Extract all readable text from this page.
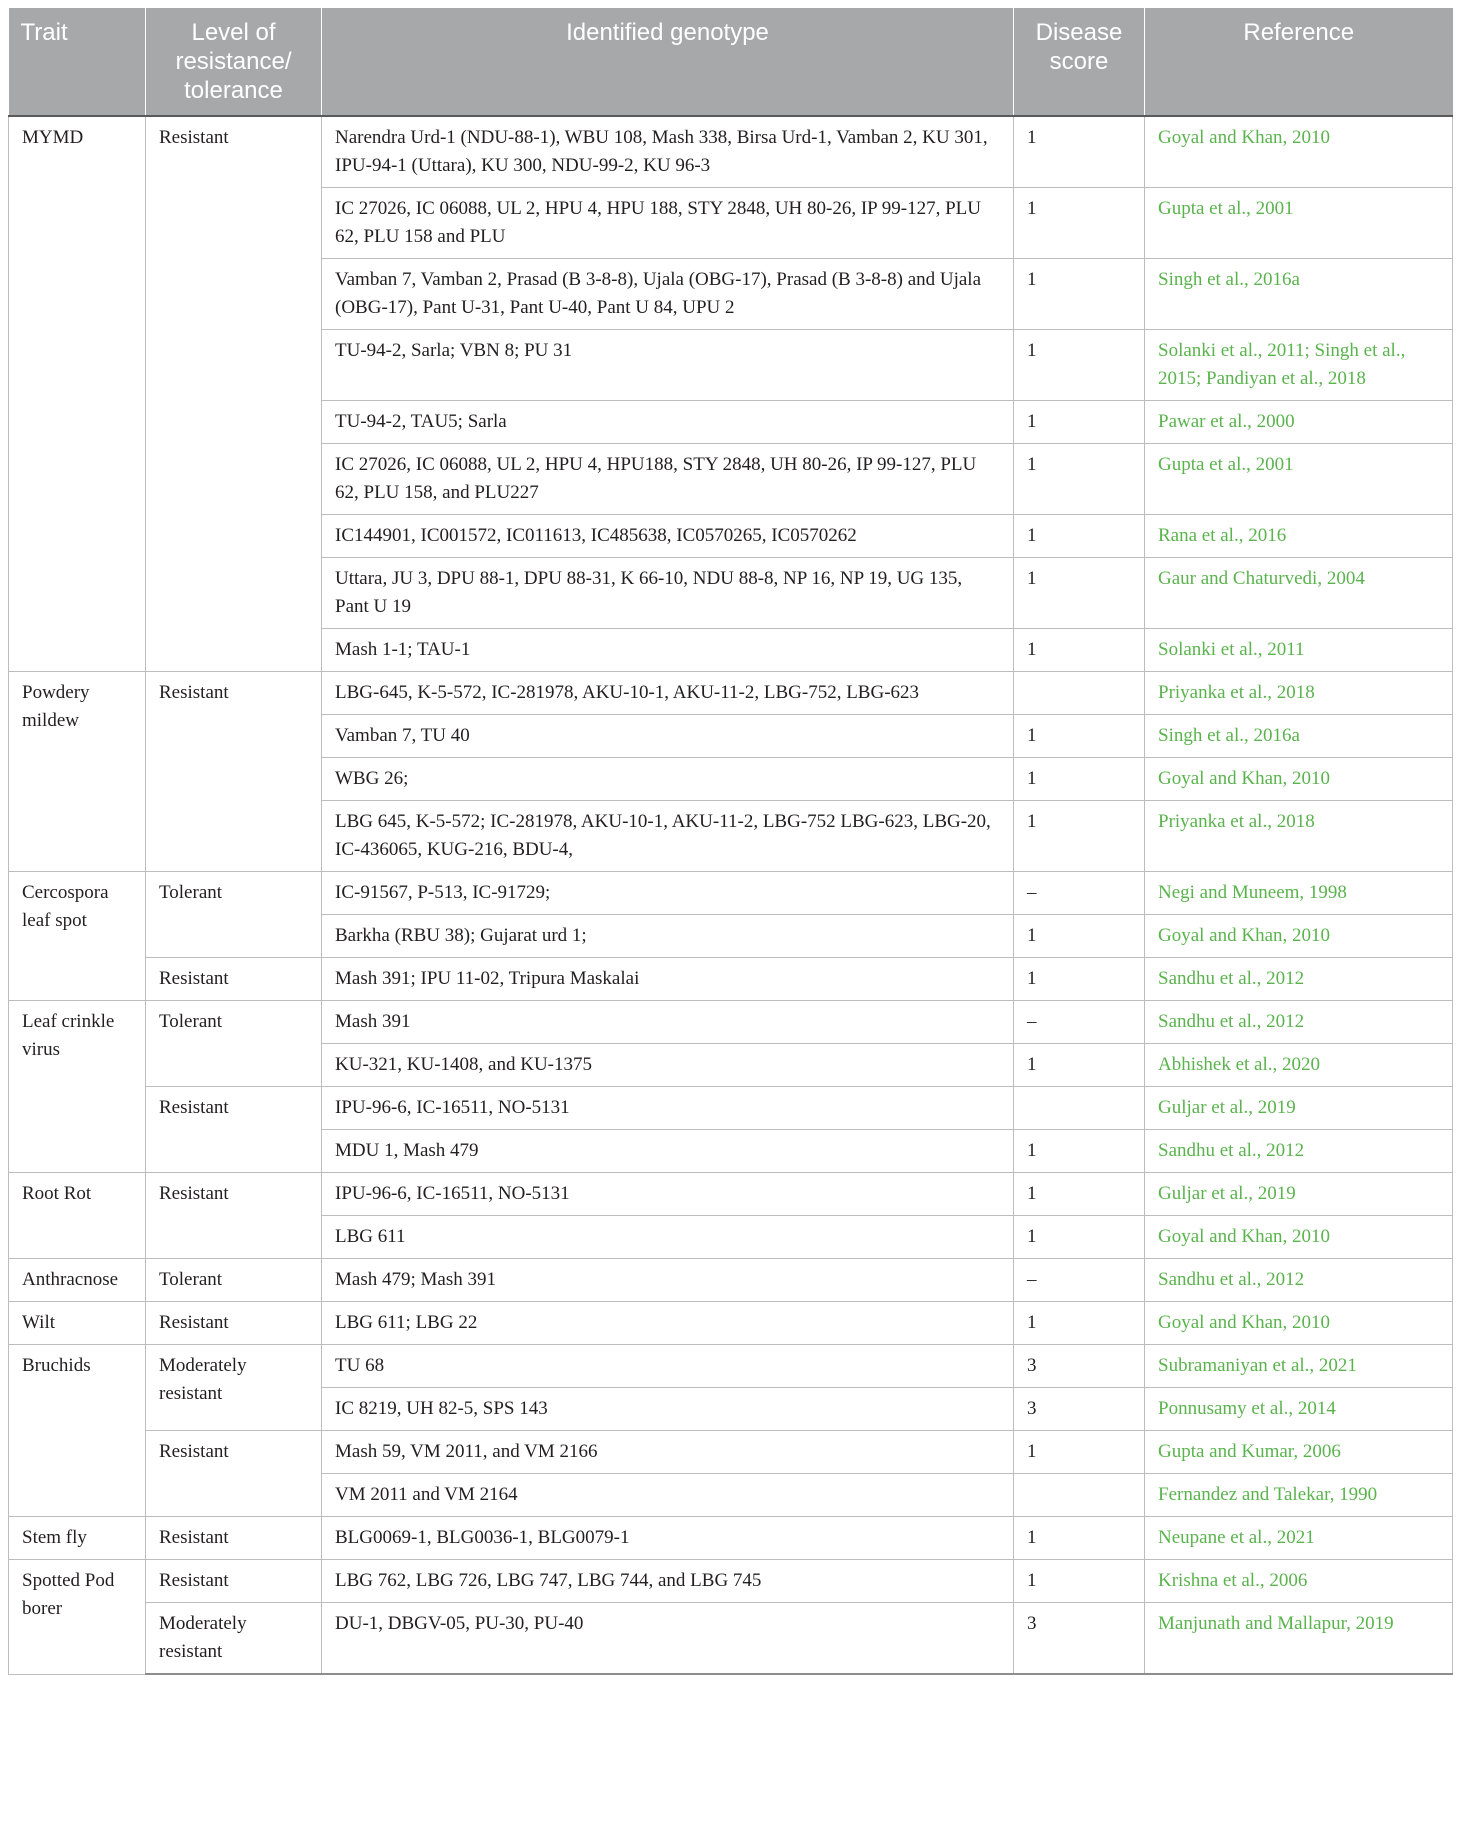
Trait	Level of resistance/ tolerance	Identified genotype	Disease score	Reference
MYMD	Resistant	Narendra Urd-1 (NDU-88-1), WBU 108, Mash 338, Birsa Urd-1, Vamban 2, KU 301, IPU-94-1 (Uttara), KU 300, NDU-99-2, KU 96-3	1	Goyal and Khan, 2010
		IC 27026, IC 06088, UL 2, HPU 4, HPU 188, STY 2848, UH 80-26, IP 99-127, PLU 62, PLU 158 and PLU	1	Gupta et al., 2001
		Vamban 7, Vamban 2, Prasad (B 3-8-8), Ujala (OBG-17), Prasad (B 3-8-8) and Ujala (OBG-17), Pant U-31, Pant U-40, Pant U 84, UPU 2	1	Singh et al., 2016a
		TU-94-2, Sarla; VBN 8; PU 31	1	Solanki et al., 2011; Singh et al., 2015; Pandiyan et al., 2018
		TU-94-2, TAU5; Sarla	1	Pawar et al., 2000
		IC 27026, IC 06088, UL 2, HPU 4, HPU188, STY 2848, UH 80-26, IP 99-127, PLU 62, PLU 158, and PLU227	1	Gupta et al., 2001
		IC144901, IC001572, IC011613, IC485638, IC0570265, IC0570262	1	Rana et al., 2016
		Uttara, JU 3, DPU 88-1, DPU 88-31, K 66-10, NDU 88-8, NP 16, NP 19, UG 135, Pant U 19	1	Gaur and Chaturvedi, 2004
		Mash 1-1; TAU-1	1	Solanki et al., 2011
Powdery mildew	Resistant	LBG-645, K-5-572, IC-281978, AKU-10-1, AKU-11-2, LBG-752, LBG-623		Priyanka et al., 2018
		Vamban 7, TU 40	1	Singh et al., 2016a
		WBG 26;	1	Goyal and Khan, 2010
		LBG 645, K-5-572; IC-281978, AKU-10-1, AKU-11-2, LBG-752 LBG-623, LBG-20, IC-436065, KUG-216, BDU-4,	1	Priyanka et al., 2018
Cercospora leaf spot	Tolerant	IC-91567, P-513, IC-91729;	–	Negi and Muneem, 1998
		Barkha (RBU 38); Gujarat urd 1;	1	Goyal and Khan, 2010
	Resistant	Mash 391; IPU 11-02, Tripura Maskalai	1	Sandhu et al., 2012
Leaf crinkle virus	Tolerant	Mash 391	–	Sandhu et al., 2012
		KU-321, KU-1408, and KU-1375	1	Abhishek et al., 2020
	Resistant	IPU-96-6, IC-16511, NO-5131		Guljar et al., 2019
		MDU 1, Mash 479	1	Sandhu et al., 2012
Root Rot	Resistant	IPU-96-6, IC-16511, NO-5131	1	Guljar et al., 2019
		LBG 611	1	Goyal and Khan, 2010
Anthracnose	Tolerant	Mash 479; Mash 391	–	Sandhu et al., 2012
Wilt	Resistant	LBG 611; LBG 22	1	Goyal and Khan, 2010
Bruchids	Moderately resistant	TU 68	3	Subramaniyan et al., 2021
		IC 8219, UH 82-5, SPS 143	3	Ponnusamy et al., 2014
	Resistant	Mash 59, VM 2011, and VM 2166	1	Gupta and Kumar, 2006
		VM 2011 and VM 2164		Fernandez and Talekar, 1990
Stem fly	Resistant	BLG0069-1, BLG0036-1, BLG0079-1	1	Neupane et al., 2021
Spotted Pod borer	Resistant	LBG 762, LBG 726, LBG 747, LBG 744, and LBG 745	1	Krishna et al., 2006
	Moderately resistant	DU-1, DBGV-05, PU-30, PU-40	3	Manjunath and Mallapur, 2019
